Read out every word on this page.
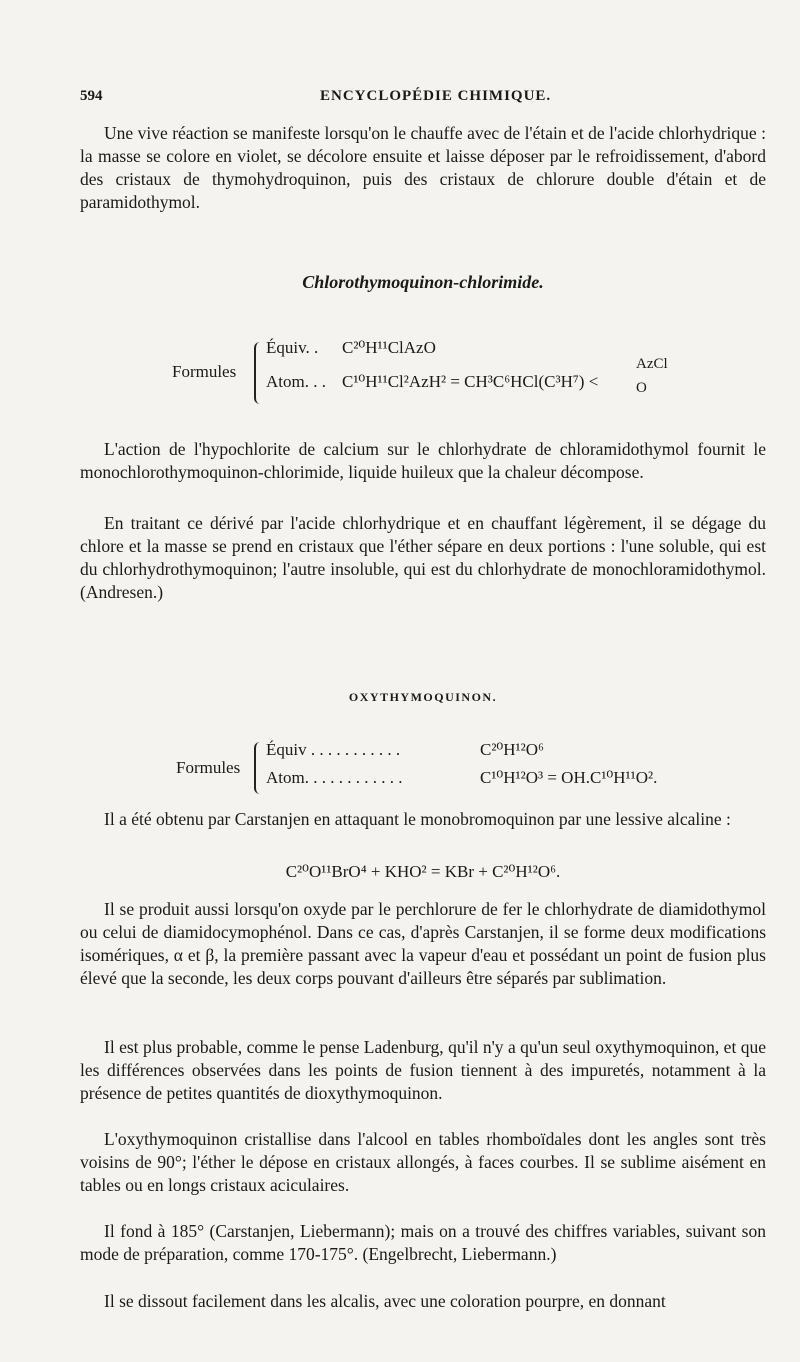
594	ENCYCLOPÉDIE CHIMIQUE.

Une vive réaction se manifeste lorsqu'on le chauffe avec de l'étain et de l'acide chlorhydrique : la masse se colore en violet, se décolore ensuite et laisse déposer par le refroidissement, d'abord des cristaux de thymohydroquinon, puis des cristaux de chlorure double d'étain et de paramidothymol.

Chlorothymoquinon-chlorimide.
Formules
Équiv. . C²⁰H¹¹ClAzO
Atom. . . C¹⁰H¹¹Cl²AzH² = CH³C⁶HCl(C³H⁷) <
AzCl
O

L'action de l'hypochlorite de calcium sur le chlorhydrate de chloramidothymol fournit le monochlorothymoquinon-chlorimide, liquide huileux que la chaleur décompose.

En traitant ce dérivé par l'acide chlorhydrique et en chauffant légèrement, il se dégage du chlore et la masse se prend en cristaux que l'éther sépare en deux portions : l'une soluble, qui est du chlorhydrothymoquinon; l'autre insoluble, qui est du chlorhydrate de monochloramidothymol. (Andresen.)

OXYTHYMOQUINON.
Formules
Équiv . . . . . . . . . . .	C²⁰H¹²O⁶
Atom. . . . . . . . . . . .	C¹⁰H¹²O³ = OH.C¹⁰H¹¹O².

Il a été obtenu par Carstanjen en attaquant le monobromoquinon par une lessive alcaline :

C²⁰O¹¹BrO⁴ + KHO² = KBr + C²⁰H¹²O⁶.

Il se produit aussi lorsqu'on oxyde par le perchlorure de fer le chlorhydrate de diamidothymol ou celui de diamidocymophénol. Dans ce cas, d'après Carstanjen, il se forme deux modifications isomériques, α et β, la première passant avec la vapeur d'eau et possédant un point de fusion plus élevé que la seconde, les deux corps pouvant d'ailleurs être séparés par sublimation.

Il est plus probable, comme le pense Ladenburg, qu'il n'y a qu'un seul oxythymoquinon, et que les différences observées dans les points de fusion tiennent à des impuretés, notamment à la présence de petites quantités de dioxythymoquinon.

L'oxythymoquinon cristallise dans l'alcool en tables rhomboïdales dont les angles sont très voisins de 90°; l'éther le dépose en cristaux allongés, à faces courbes. Il se sublime aisément en tables ou en longs cristaux aciculaires.

Il fond à 185° (Carstanjen, Liebermann); mais on a trouvé des chiffres variables, suivant son mode de préparation, comme 170-175°. (Engelbrecht, Liebermann.)

Il se dissout facilement dans les alcalis, avec une coloration pourpre, en donnant
